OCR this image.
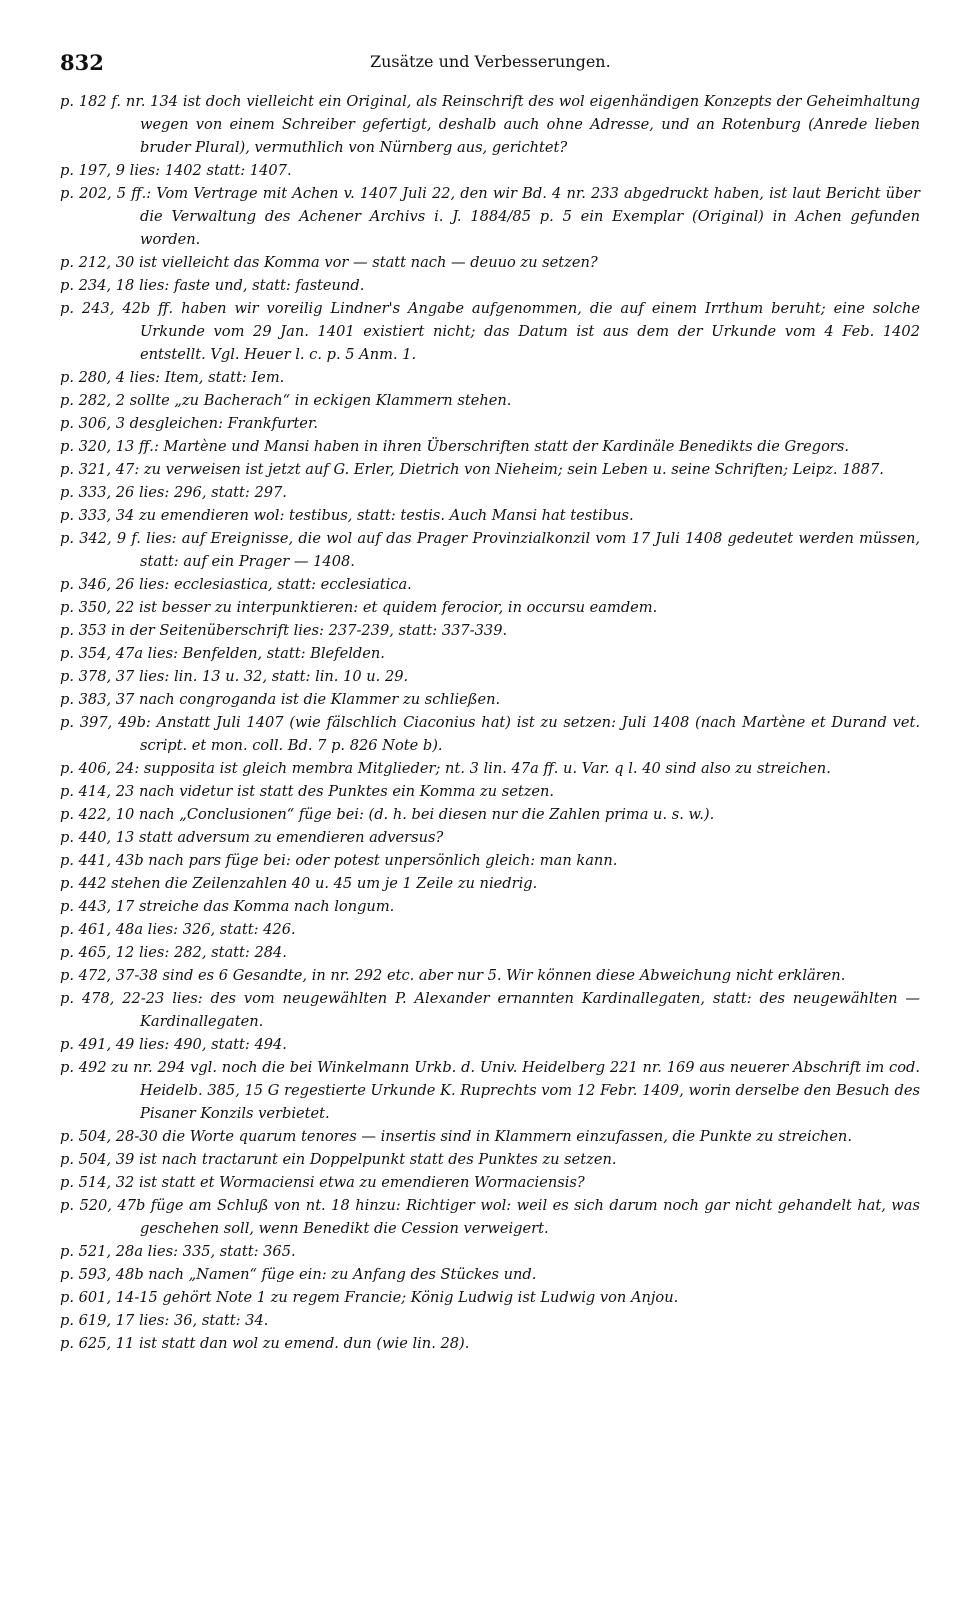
832	Zusätze und Verbesserungen.

p. 182 f. nr. 134 ist doch vielleicht ein Original, als Reinschrift des wol eigenhändigen Konzepts der Geheimhaltung wegen von einem Schreiber gefertigt, deshalb auch ohne Adresse, und an Rotenburg (Anrede lieben bruder Plural), vermuthlich von Nürnberg aus, gerichtet?

p. 197, 9 lies: 1402 statt: 1407.

p. 202, 5 ff.: Vom Vertrage mit Achen v. 1407 Juli 22, den wir Bd. 4 nr. 233 abgedruckt haben, ist laut Bericht über die Verwaltung des Achener Archivs i. J. 1884/85 p. 5 ein Exemplar (Original) in Achen gefunden worden.

p. 212, 30 ist vielleicht das Komma vor — statt nach — deuuo zu setzen?

p. 234, 18 lies: faste und, statt: fasteund.

p. 243, 42b ff. haben wir voreilig Lindner's Angabe aufgenommen, die auf einem Irrthum beruht; eine solche Urkunde vom 29 Jan. 1401 existiert nicht; das Datum ist aus dem der Urkunde vom 4 Feb. 1402 entstellt. Vgl. Heuer l. c. p. 5 Anm. 1.

p. 280, 4 lies: Item, statt: Iem.

p. 282, 2 sollte „zu Bacherach“ in eckigen Klammern stehen.

p. 306, 3 desgleichen: Frankfurter.

p. 320, 13 ff.: Martène und Mansi haben in ihren Überschriften statt der Kardinäle Benedikts die Gregors.

p. 321, 47: zu verweisen ist jetzt auf G. Erler, Dietrich von Nieheim; sein Leben u. seine Schriften; Leipz. 1887.

p. 333, 26 lies: 296, statt: 297.

p. 333, 34 zu emendieren wol: testibus, statt: testis. Auch Mansi hat testibus.

p. 342, 9 f. lies: auf Ereignisse, die wol auf das Prager Provinzialkonzil vom 17 Juli 1408 gedeutet werden müssen, statt: auf ein Prager — 1408.

p. 346, 26 lies: ecclesiastica, statt: ecclesiatica.

p. 350, 22 ist besser zu interpunktieren: et quidem ferocior, in occursu eamdem.

p. 353 in der Seitenüberschrift lies: 237-239, statt: 337-339.

p. 354, 47a lies: Benfelden, statt: Blefelden.

p. 378, 37 lies: lin. 13 u. 32, statt: lin. 10 u. 29.

p. 383, 37 nach congroganda ist die Klammer zu schließen.

p. 397, 49b: Anstatt Juli 1407 (wie fälschlich Ciaconius hat) ist zu setzen: Juli 1408 (nach Martène et Durand vet. script. et mon. coll. Bd. 7 p. 826 Note b).

p. 406, 24: supposita ist gleich membra Mitglieder; nt. 3 lin. 47a ff. u. Var. q l. 40 sind also zu streichen.

p. 414, 23 nach videtur ist statt des Punktes ein Komma zu setzen.

p. 422, 10 nach „Conclusionen“ füge bei: (d. h. bei diesen nur die Zahlen prima u. s. w.).

p. 440, 13 statt adversum zu emendieren adversus?

p. 441, 43b nach pars füge bei: oder potest unpersönlich gleich: man kann.

p. 442 stehen die Zeilenzahlen 40 u. 45 um je 1 Zeile zu niedrig.

p. 443, 17 streiche das Komma nach longum.

p. 461, 48a lies: 326, statt: 426.

p. 465, 12 lies: 282, statt: 284.

p. 472, 37-38 sind es 6 Gesandte, in nr. 292 etc. aber nur 5. Wir können diese Abweichung nicht erklären.

p. 478, 22-23 lies: des vom neugewählten P. Alexander ernannten Kardinallegaten, statt: des neugewählten — Kardinallegaten.

p. 491, 49 lies: 490, statt: 494.

p. 492 zu nr. 294 vgl. noch die bei Winkelmann Urkb. d. Univ. Heidelberg 221 nr. 169 aus neuerer Abschrift im cod. Heidelb. 385, 15 G regestierte Urkunde K. Ruprechts vom 12 Febr. 1409, worin derselbe den Besuch des Pisaner Konzils verbietet.

p. 504, 28-30 die Worte quarum tenores — insertis sind in Klammern einzufassen, die Punkte zu streichen.

p. 504, 39 ist nach tractarunt ein Doppelpunkt statt des Punktes zu setzen.

p. 514, 32 ist statt et Wormaciensi etwa zu emendieren Wormaciensis?

p. 520, 47b füge am Schluß von nt. 18 hinzu: Richtiger wol: weil es sich darum noch gar nicht gehandelt hat, was geschehen soll, wenn Benedikt die Cession verweigert.

p. 521, 28a lies: 335, statt: 365.

p. 593, 48b nach „Namen“ füge ein: zu Anfang des Stückes und.

p. 601, 14-15 gehört Note 1 zu regem Francie; König Ludwig ist Ludwig von Anjou.

p. 619, 17 lies: 36, statt: 34.

p. 625, 11 ist statt dan wol zu emend. dun (wie lin. 28).
